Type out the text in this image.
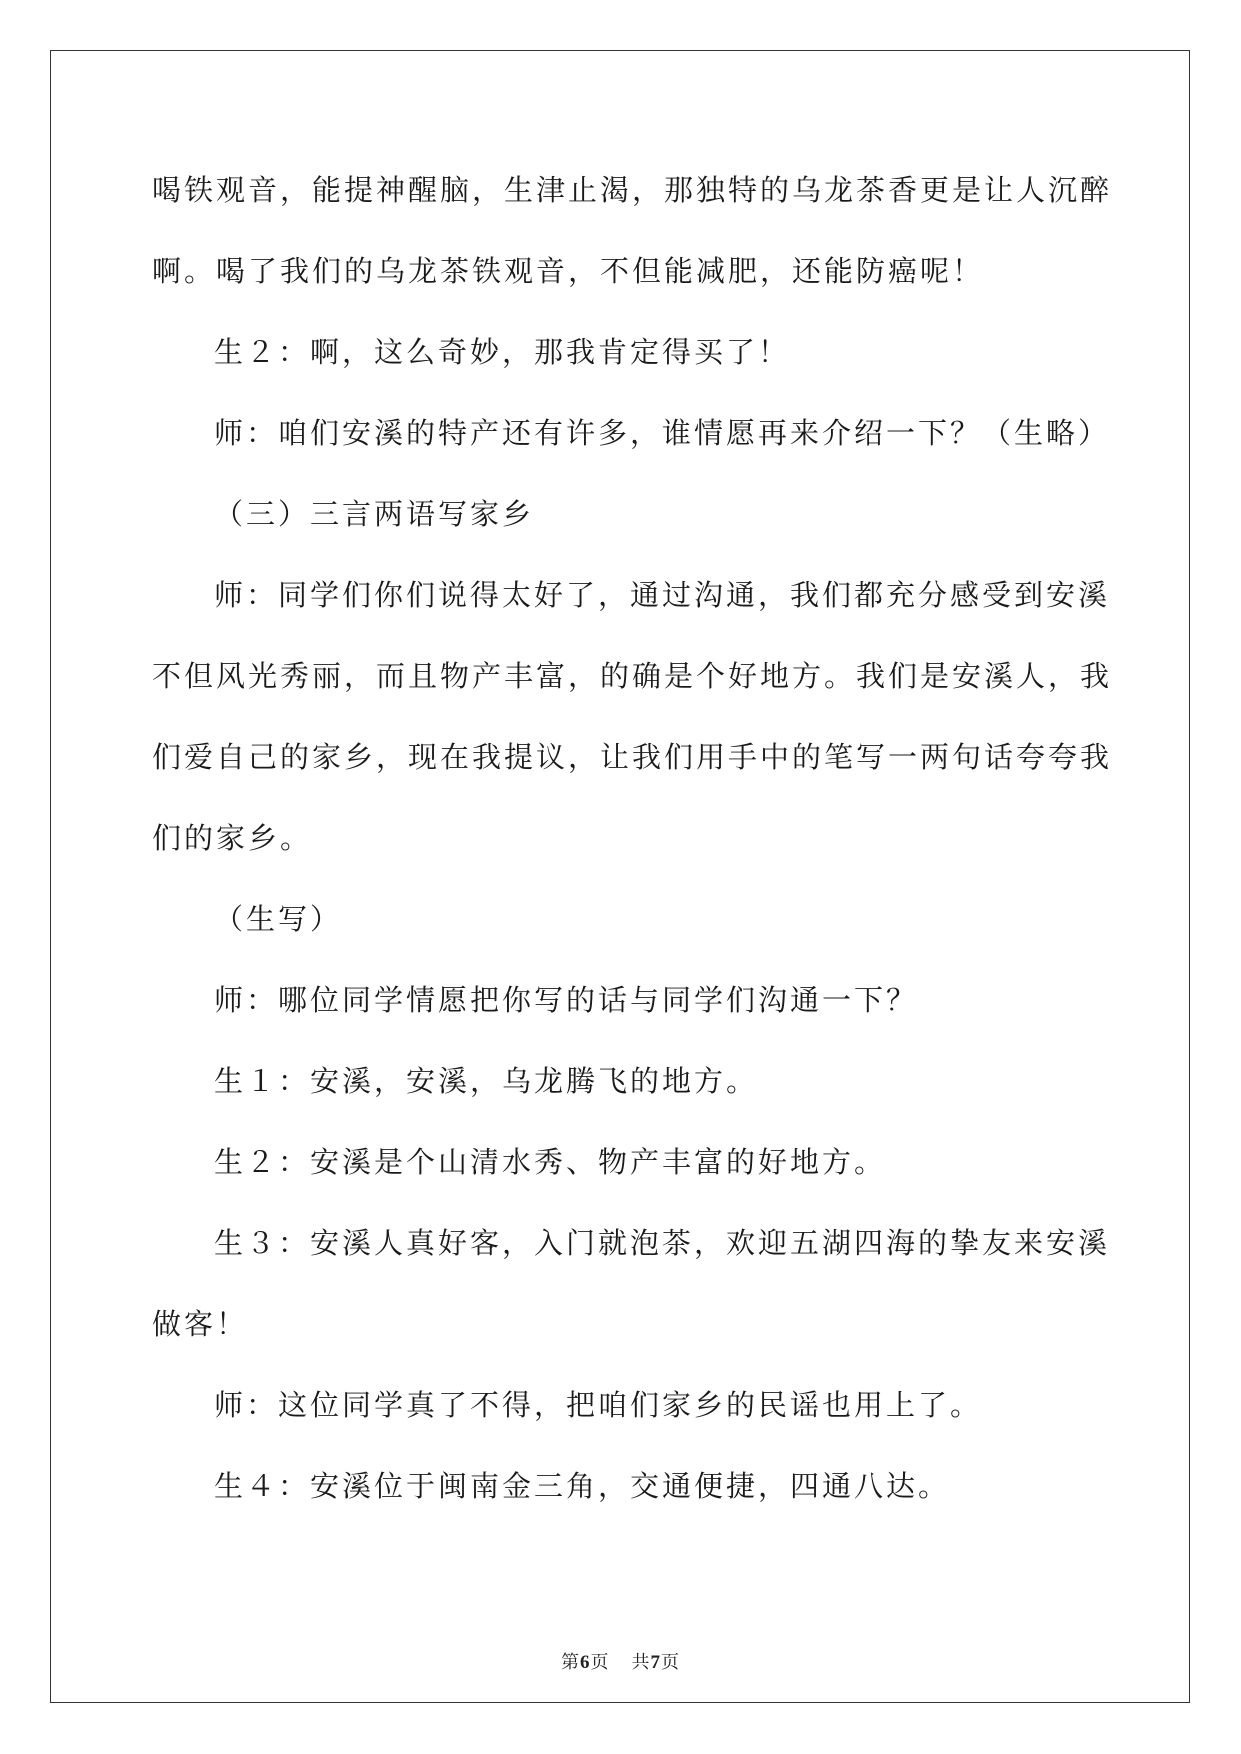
喝铁观音，能提神醒脑，生津止渴，那独特的乌龙茶香更是让人沉醉
啊。喝了我们的乌龙茶铁观音，不但能减肥，还能防癌呢！
生２：啊，这么奇妙，那我肯定得买了！
师：咱们安溪的特产还有许多，谁情愿再来介绍一下？（生略）
（三）三言两语写家乡
师：同学们你们说得太好了，通过沟通，我们都充分感受到安溪
不但风光秀丽，而且物产丰富，的确是个好地方。我们是安溪人，我
们爱自己的家乡，现在我提议，让我们用手中的笔写一两句话夸夸我
们的家乡。
（生写）
师：哪位同学情愿把你写的话与同学们沟通一下？
生１：安溪，安溪，乌龙腾飞的地方。
生２：安溪是个山清水秀、物产丰富的好地方。
生３：安溪人真好客，入门就泡茶，欢迎五湖四海的挚友来安溪
做客！
师：这位同学真了不得，把咱们家乡的民谣也用上了。
生４：安溪位于闽南金三角，交通便捷，四通八达。
第6页 共7页
